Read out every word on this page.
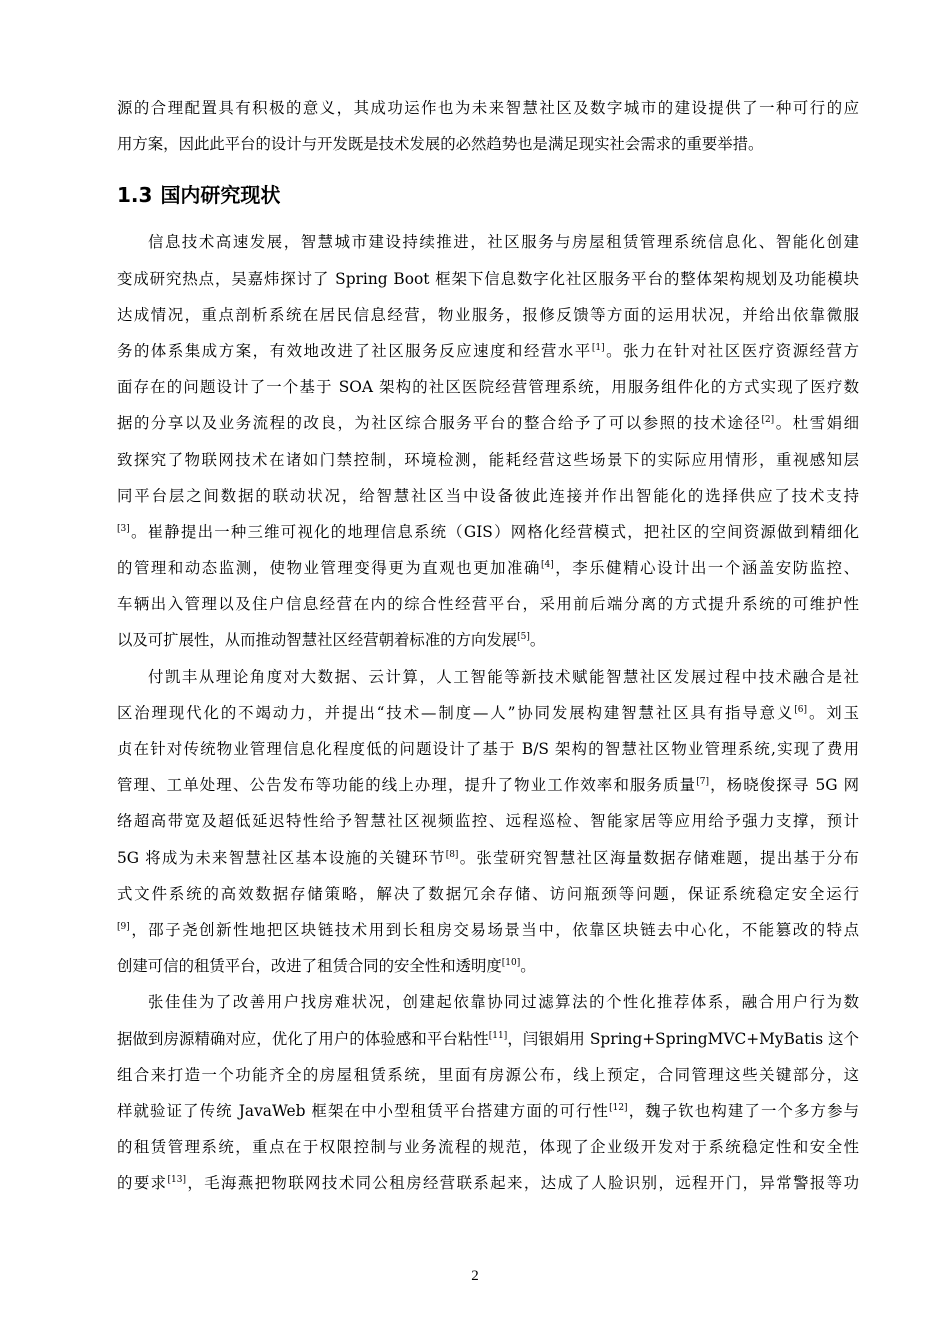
源的合理配置具有积极的意义，其成功运作也为未来智慧社区及数字城市的建设提供了一种可行的应
用方案，因此此平台的设计与开发既是技术发展的必然趋势也是满足现实社会需求的重要举措。
1.3 国内研究现状
信息技术高速发展，智慧城市建设持续推进，社区服务与房屋租赁管理系统信息化、智能化创建
变成研究热点，吴嘉炜探讨了 Spring Boot 框架下信息数字化社区服务平台的整体架构规划及功能模块
达成情况，重点剖析系统在居民信息经营，物业服务，报修反馈等方面的运用状况，并给出依靠微服
务的体系集成方案，有效地改进了社区服务反应速度和经营水平[1]。张力在针对社区医疗资源经营方
面存在的问题设计了一个基于 SOA 架构的社区医院经营管理系统，用服务组件化的方式实现了医疗数
据的分享以及业务流程的改良，为社区综合服务平台的整合给予了可以参照的技术途径[2]。杜雪娟细
致探究了物联网技术在诸如门禁控制，环境检测，能耗经营这些场景下的实际应用情形，重视感知层
同平台层之间数据的联动状况，给智慧社区当中设备彼此连接并作出智能化的选择供应了技术支持
[3]。崔静提出一种三维可视化的地理信息系统（GIS）网格化经营模式，把社区的空间资源做到精细化
的管理和动态监测，使物业管理变得更为直观也更加准确[4]，李乐健精心设计出一个涵盖安防监控、
车辆出入管理以及住户信息经营在内的综合性经营平台，采用前后端分离的方式提升系统的可维护性
以及可扩展性，从而推动智慧社区经营朝着标准的方向发展[5]。
付凯丰从理论角度对大数据、云计算，人工智能等新技术赋能智慧社区发展过程中技术融合是社
区治理现代化的不竭动力，并提出“技术—制度—人”协同发展构建智慧社区具有指导意义[6]。刘玉
贞在针对传统物业管理信息化程度低的问题设计了基于 B/S 架构的智慧社区物业管理系统,实现了费用
管理、工单处理、公告发布等功能的线上办理，提升了物业工作效率和服务质量[7]，杨晓俊探寻 5G 网
络超高带宽及超低延迟特性给予智慧社区视频监控、远程巡检、智能家居等应用给予强力支撑，预计
5G 将成为未来智慧社区基本设施的关键环节[8]。张莹研究智慧社区海量数据存储难题，提出基于分布
式文件系统的高效数据存储策略，解决了数据冗余存储、访问瓶颈等问题，保证系统稳定安全运行
[9]，邵子尧创新性地把区块链技术用到长租房交易场景当中，依靠区块链去中心化，不能篡改的特点
创建可信的租赁平台，改进了租赁合同的安全性和透明度[10]。
张佳佳为了改善用户找房难状况，创建起依靠协同过滤算法的个性化推荐体系，融合用户行为数
据做到房源精确对应，优化了用户的体验感和平台粘性[11]，闫银娟用 Spring+SpringMVC+MyBatis 这个
组合来打造一个功能齐全的房屋租赁系统，里面有房源公布，线上预定，合同管理这些关键部分，这
样就验证了传统 JavaWeb 框架在中小型租赁平台搭建方面的可行性[12]，魏子钦也构建了一个多方参与
的租赁管理系统，重点在于权限控制与业务流程的规范，体现了企业级开发对于系统稳定性和安全性
的要求[13]，毛海燕把物联网技术同公租房经营联系起来，达成了人脸识别，远程开门，异常警报等功
2
